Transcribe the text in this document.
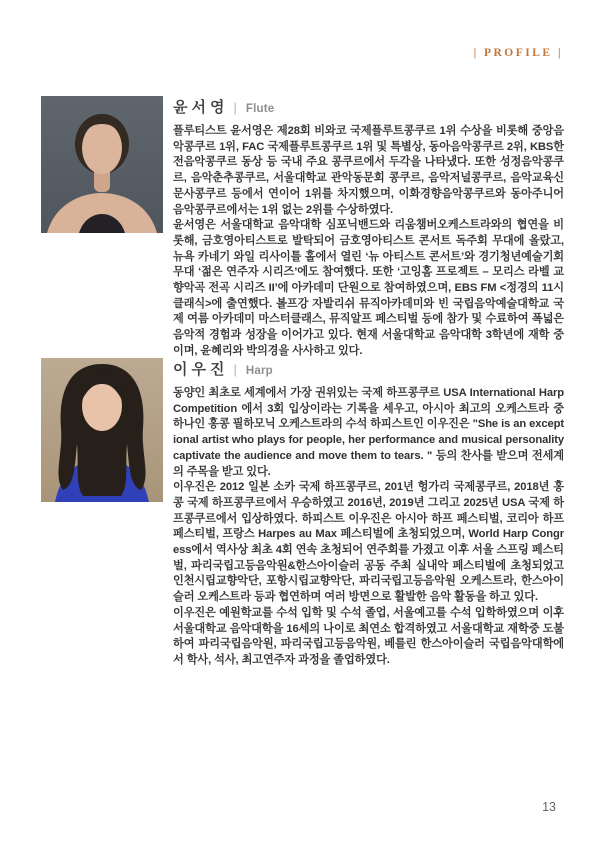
| PROFILE |
윤서영 | Flute

플루티스트 윤서영은 제28회 비와코 국제플루트콩쿠르 1위 수상을 비롯해 중앙음악콩쿠르 1위, FAC 국제플루트콩쿠르 1위 및 특별상, 동아음악콩쿠르 2위, KBS한전음악콩쿠르 동상 등 국내 주요 콩쿠르에서 두각을 나타냈다. 또한 성정음악콩쿠르, 음악춘추콩쿠르, 서울대학교 관악동문회 콩쿠르, 음악저널콩쿠르, 음악교육신문사콩쿠르 등에서 연이어 1위를 차지했으며, 이화경향음악콩쿠르와 동아주니어음악콩쿠르에서는 1위 없는 2위를 수상하였다.

윤서영은 서울대학교 음악대학 심포닉밴드와 리움챔버오케스트라와의 협연을 비롯해, 금호영아티스트로 발탁되어 금호영아티스트 콘서트 독주회 무대에 올랐고, 뉴욕 카네기 와일 리사이틀 홀에서 열린 ‘뉴 아티스트 콘서트’와 경기청년예술기회무대 ‘젊은 연주자 시리즈’에도 참여했다. 또한 ‘고잉홈 프로젝트 – 모리스 라벨 교향악곡 전곡 시리즈 II’에 아카데미 단원으로 참여하였으며, EBS FM <정경의 11시 클래식>에 출연했다. 볼프강 자발리쉬 뮤직아카데미와 빈 국립음악예술대학교 국제 여름 아카데미 마스터클래스, 뮤직알프 페스티벌 등에 참가 및 수료하여 폭넓은 음악적 경험과 성장을 이어가고 있다. 현재 서울대학교 음악대학 3학년에 재학 중이며, 윤혜리와 박의경을 사사하고 있다.

이우진 | Harp

동양인 최초로 세계에서 가장 권위있는 국제 하프콩쿠르 USA International Harp Competition 에서 3회 입상이라는 기록을 세우고, 아시아 최고의 오케스트라 중 하나인 홍콩 필하모닉 오케스트라의 수석 하피스트인 이우진은 "She is an exceptional artist who plays for people, her performance and musical personality captivate the audience and move them to tears. " 등의 찬사를 받으며 전세계의 주목을 받고 있다.

이우진은 2012 일본 소카 국제 하프콩쿠르, 201년 헝가리 국제콩쿠르, 2018년 홍콩 국제 하프콩쿠르에서 우승하였고 2016년, 2019년 그리고 2025년 USA 국제 하프콩쿠르에서 입상하였다. 하피스트 이우진은 아시아 하프 페스티벌, 코리아 하프 페스티벌, 프랑스 Harpes au Max 페스티벌에 초청되었으며, World Harp Congress에서 역사상 최초 4회 연속 초청되어 연주회를 가졌고 이후 서울 스프링 페스티벌, 파리국립고등음악원&한스아이슬러 공동 주최 실내악 페스티벌에 초청되었고 인천시립교향악단, 포항시립교향악단, 파리국립고등음악원 오케스트라, 한스아이슬러 오케스트라 등과 협연하며 여러 방면으로 활발한 음악 활동을 하고 있다.

이우진은 예원학교를 수석 입학 및 수석 졸업, 서울예고를 수석 입학하였으며 이후 서울대학교 음악대학을 16세의 나이로 최연소 합격하였고 서울대학교 재학중 도불하여 파리국립음악원, 파리국립고등음악원, 베를린 한스아이슬러 국립음악대학에서 학사, 석사, 최고연주자 과정을 졸업하였다.

13
